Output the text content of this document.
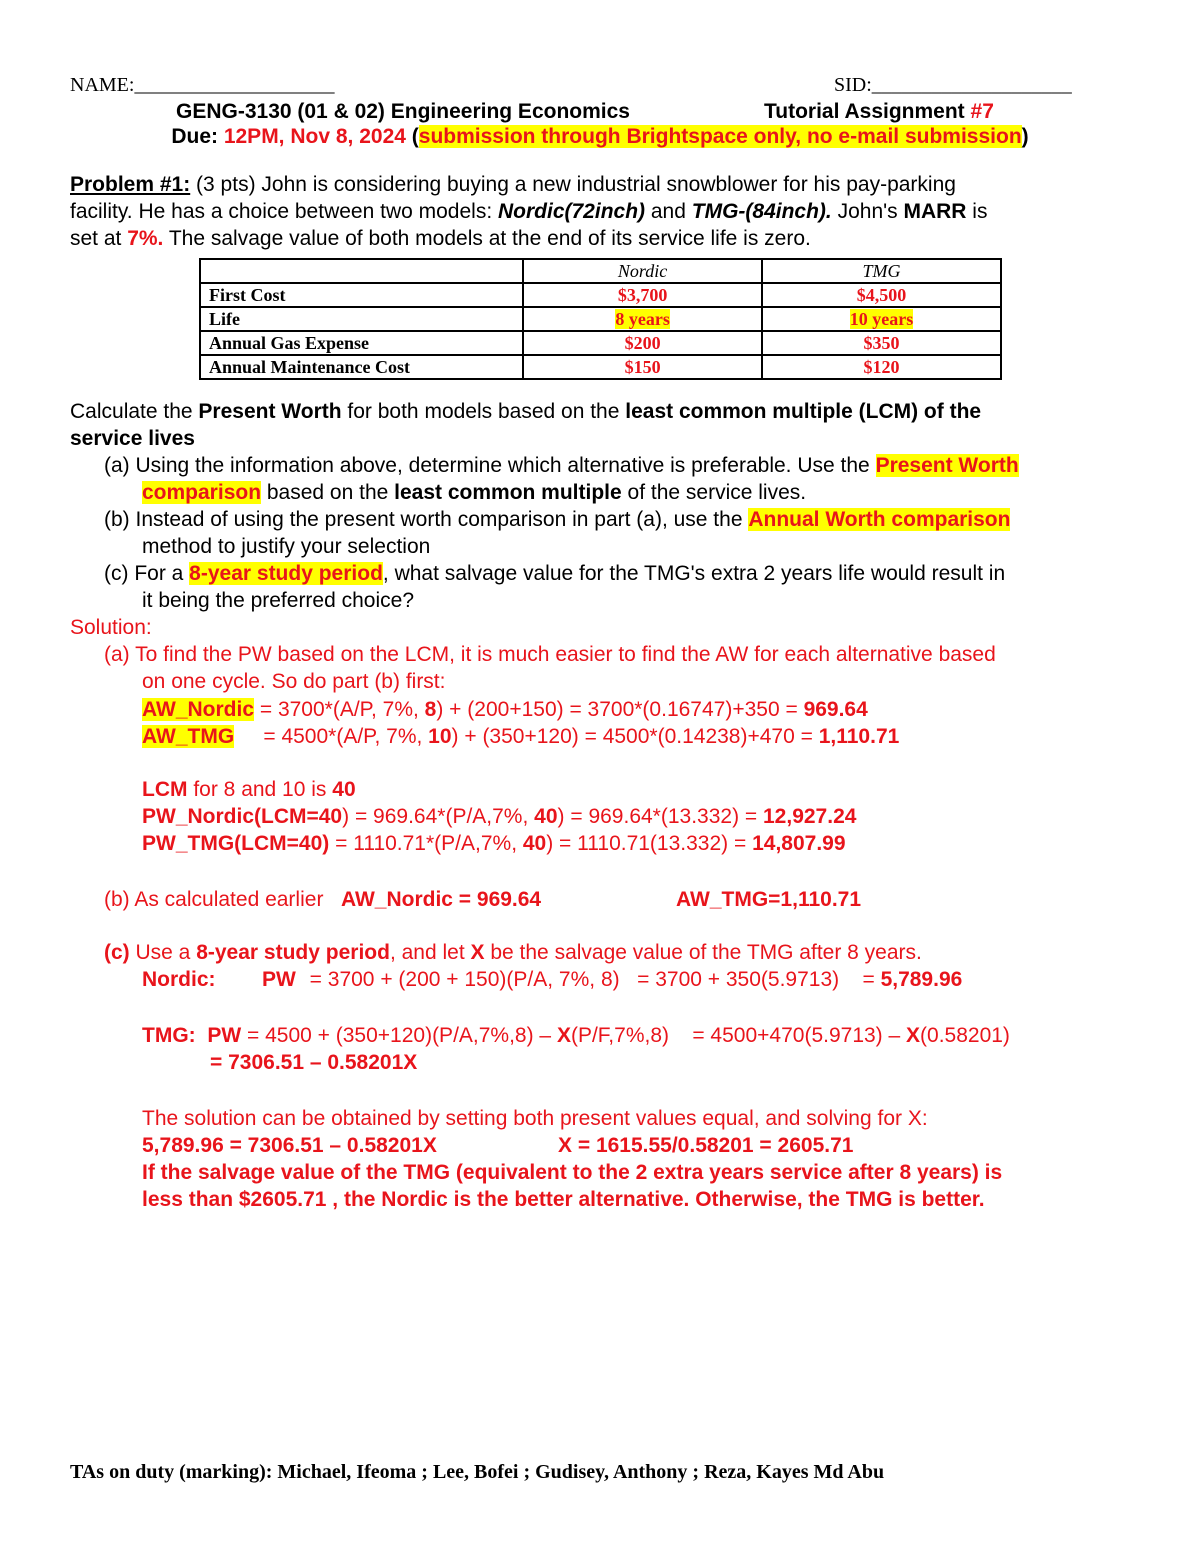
NAME:____________________	SID:____________________
GENG-3130 (01 & 02) Engineering Economics	Tutorial Assignment #7
Due: 12PM, Nov 8, 2024 (submission through Brightspace only, no e-mail submission)
Problem #1: (3 pts) John is considering buying a new industrial snowblower for his pay-parking
facility. He has a choice between two models: Nordic(72inch) and TMG-(84inch). John's MARR is
set at 7%. The salvage value of both models at the end of its service life is zero.
	Nordic	TMG
First Cost	$3,700	$4,500
Life	8 years	10 years
Annual Gas Expense	$200	$350
Annual Maintenance Cost	$150	$120
Calculate the Present Worth for both models based on the least common multiple (LCM) of the
service lives
(a) Using the information above, determine which alternative is preferable. Use the Present Worth
comparison based on the least common multiple of the service lives.
(b) Instead of using the present worth comparison in part (a), use the Annual Worth comparison
method to justify your selection
(c) For a 8-year study period, what salvage value for the TMG's extra 2 years life would result in
it being the preferred choice?
Solution:
(a) To find the PW based on the LCM, it is much easier to find the AW for each alternative based
on one cycle. So do part (b) first:
AW_Nordic = 3700*(A/P, 7%, 8) + (200+150) = 3700*(0.16747)+350 = 969.64
AW_TMG     = 4500*(A/P, 7%, 10) + (350+120) = 4500*(0.14238)+470 = 1,110.71
LCM for 8 and 10 is 40
PW_Nordic(LCM=40) = 969.64*(P/A,7%, 40) = 969.64*(13.332) = 12,927.24
PW_TMG(LCM=40) = 1110.71*(P/A,7%, 40) = 1110.71(13.332) = 14,807.99
(b) As calculated earlier   AW_Nordic = 969.64	AW_TMG=1,110.71
(c) Use a 8-year study period, and let X be the salvage value of the TMG after 8 years.
Nordic: PW = 3700 + (200 + 150)(P/A, 7%, 8)   = 3700 + 350(5.9713)    = 5,789.96
TMG:  PW = 4500 + (350+120)(P/A,7%,8) – X(P/F,7%,8)    = 4500+470(5.9713) – X(0.58201)
= 7306.51 – 0.58201X
The solution can be obtained by setting both present values equal, and solving for X:
5,789.96 = 7306.51 – 0.58201X	X = 1615.55/0.58201 = 2605.71
If the salvage value of the TMG (equivalent to the 2 extra years service after 8 years) is
less than $2605.71 , the Nordic is the better alternative. Otherwise, the TMG is better.
TAs on duty (marking): Michael, Ifeoma ; Lee, Bofei ; Gudisey, Anthony ; Reza, Kayes Md Abu
